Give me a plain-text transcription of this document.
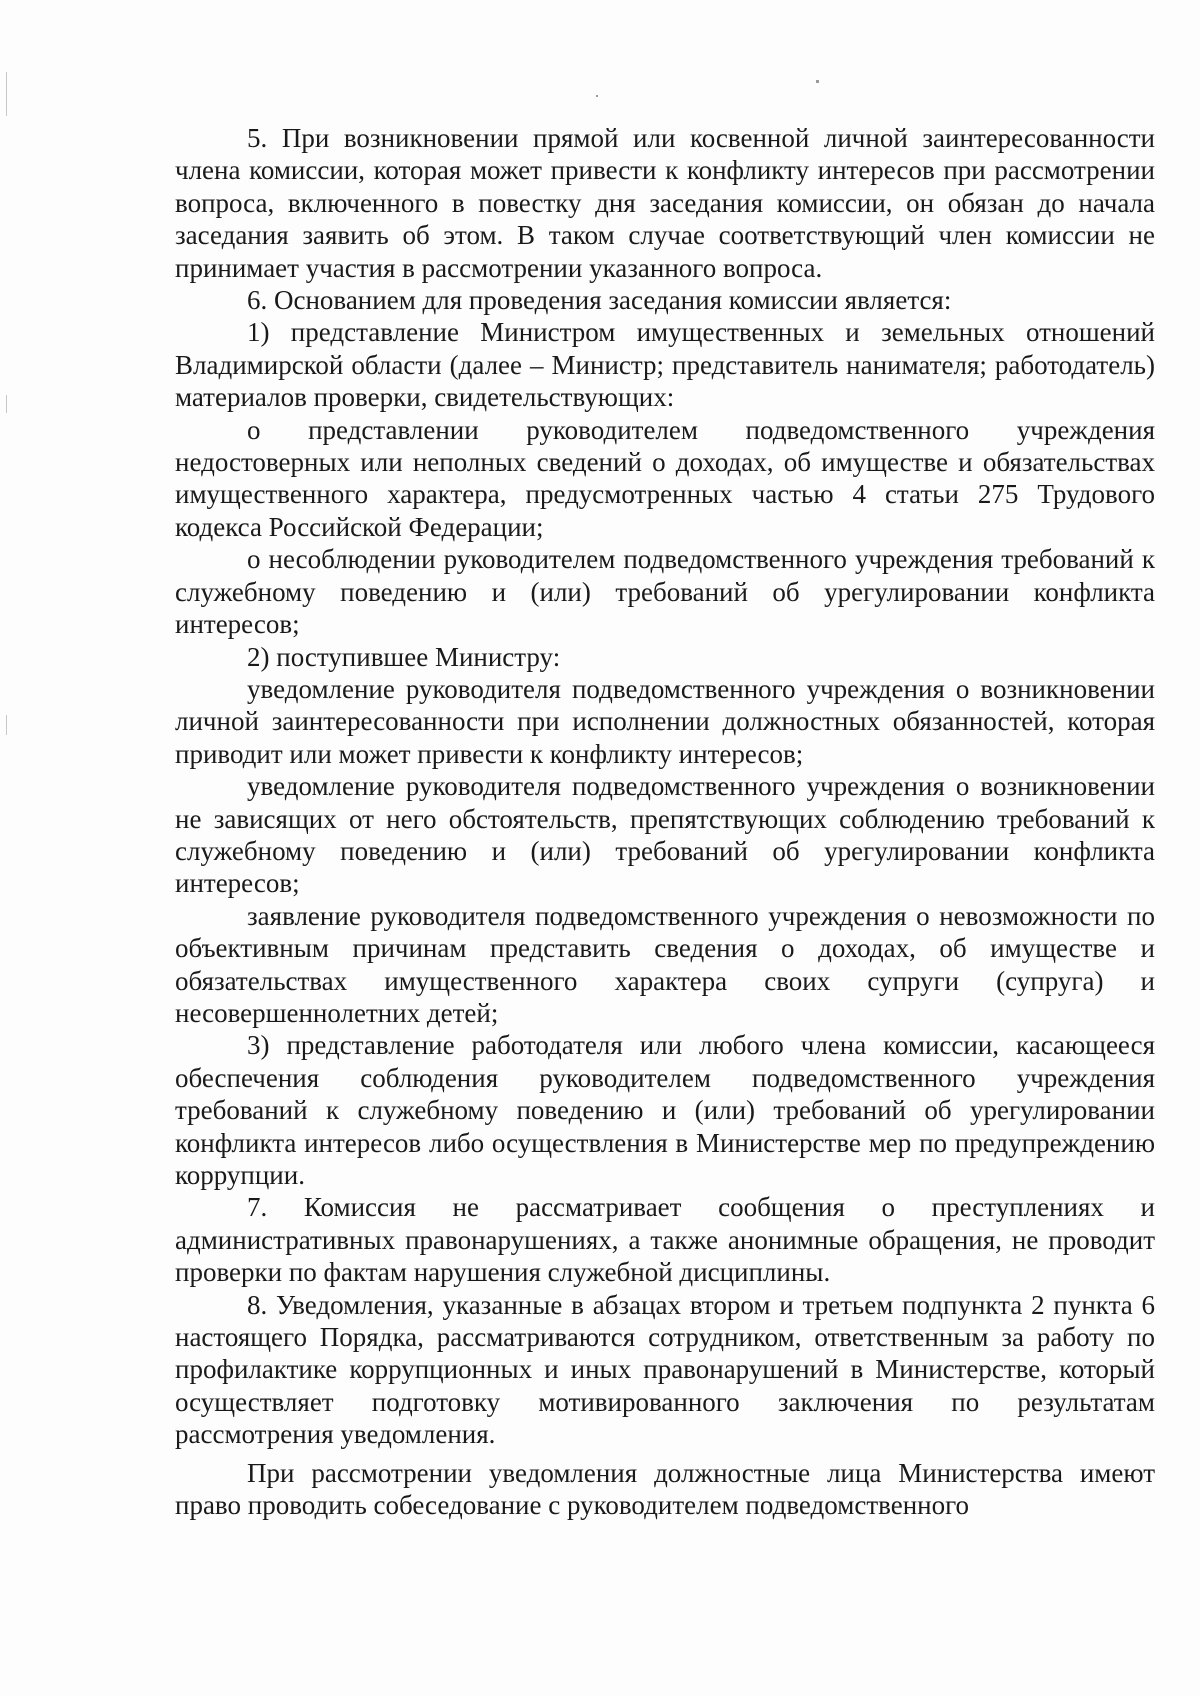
5. При возникновении прямой или косвенной личной заинтересованности члена комиссии, которая может привести к конфликту интересов при рассмотрении вопроса, включенного в повестку дня заседания комиссии, он обязан до начала заседания заявить об этом. В таком случае соответствующий член комиссии не принимает участия в рассмотрении указанного вопроса.

6. Основанием для проведения заседания комиссии является:

1) представление Министром имущественных и земельных отношений Владимирской области (далее – Министр; представитель нанимателя; работодатель) материалов проверки, свидетельствующих:

о представлении руководителем подведомственного учреждения недостоверных или неполных сведений о доходах, об имуществе и обязательствах имущественного характера, предусмотренных частью 4 статьи 275 Трудового кодекса Российской Федерации;

о несоблюдении руководителем подведомственного учреждения требований к служебному поведению и (или) требований об урегулировании конфликта интересов;

2) поступившее Министру:

уведомление руководителя подведомственного учреждения о возникновении личной заинтересованности при исполнении должностных обязанностей, которая приводит или может привести к конфликту интересов;

уведомление руководителя подведомственного учреждения о возникновении не зависящих от него обстоятельств, препятствующих соблюдению требований к служебному поведению и (или) требований об урегулировании конфликта интересов;

заявление руководителя подведомственного учреждения о невозможности по объективным причинам представить сведения о доходах, об имуществе и обязательствах имущественного характера своих супруги (супруга) и несовершеннолетних детей;

3) представление работодателя или любого члена комиссии, касающееся обеспечения соблюдения руководителем подведомственного учреждения требований к служебному поведению и (или) требований об урегулировании конфликта интересов либо осуществления в Министерстве мер по предупреждению коррупции.

7. Комиссия не рассматривает сообщения о преступлениях и административных правонарушениях, а также анонимные обращения, не проводит проверки по фактам нарушения служебной дисциплины.

8. Уведомления, указанные в абзацах втором и третьем подпункта 2 пункта 6 настоящего Порядка, рассматриваются сотрудником, ответственным за работу по профилактике коррупционных и иных правонарушений в Министерстве, который осуществляет подготовку мотивированного заключения по результатам рассмотрения уведомления.

При рассмотрении уведомления должностные лица Министерства имеют право проводить собеседование с руководителем подведомственного
